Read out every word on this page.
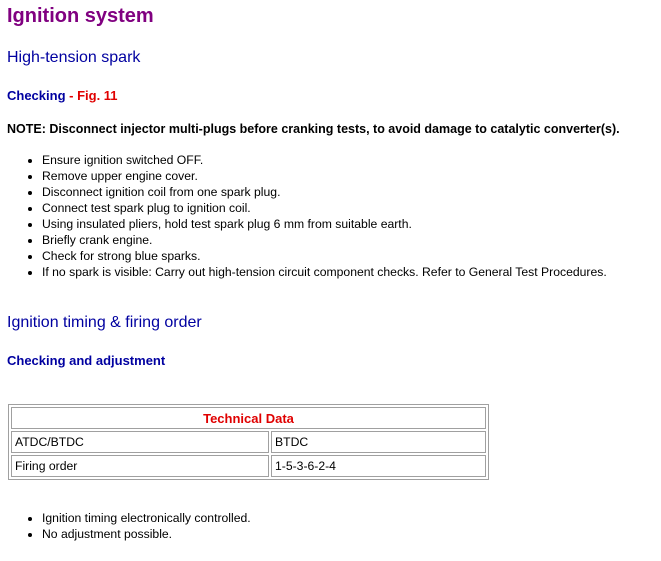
Ignition system
High-tension spark
Checking - Fig. 11
NOTE: Disconnect injector multi-plugs before cranking tests, to avoid damage to catalytic converter(s).
• Ensure ignition switched OFF.
• Remove upper engine cover.
• Disconnect ignition coil from one spark plug.
• Connect test spark plug to ignition coil.
• Using insulated pliers, hold test spark plug 6 mm from suitable earth.
• Briefly crank engine.
• Check for strong blue sparks.
• If no spark is visible: Carry out high-tension circuit component checks. Refer to General Test Procedures.
Ignition timing & firing order
Checking and adjustment
Technical Data	
ATDC/BTDC	BTDC
Firing order	1-5-3-6-2-4
• Ignition timing electronically controlled.
• No adjustment possible.
